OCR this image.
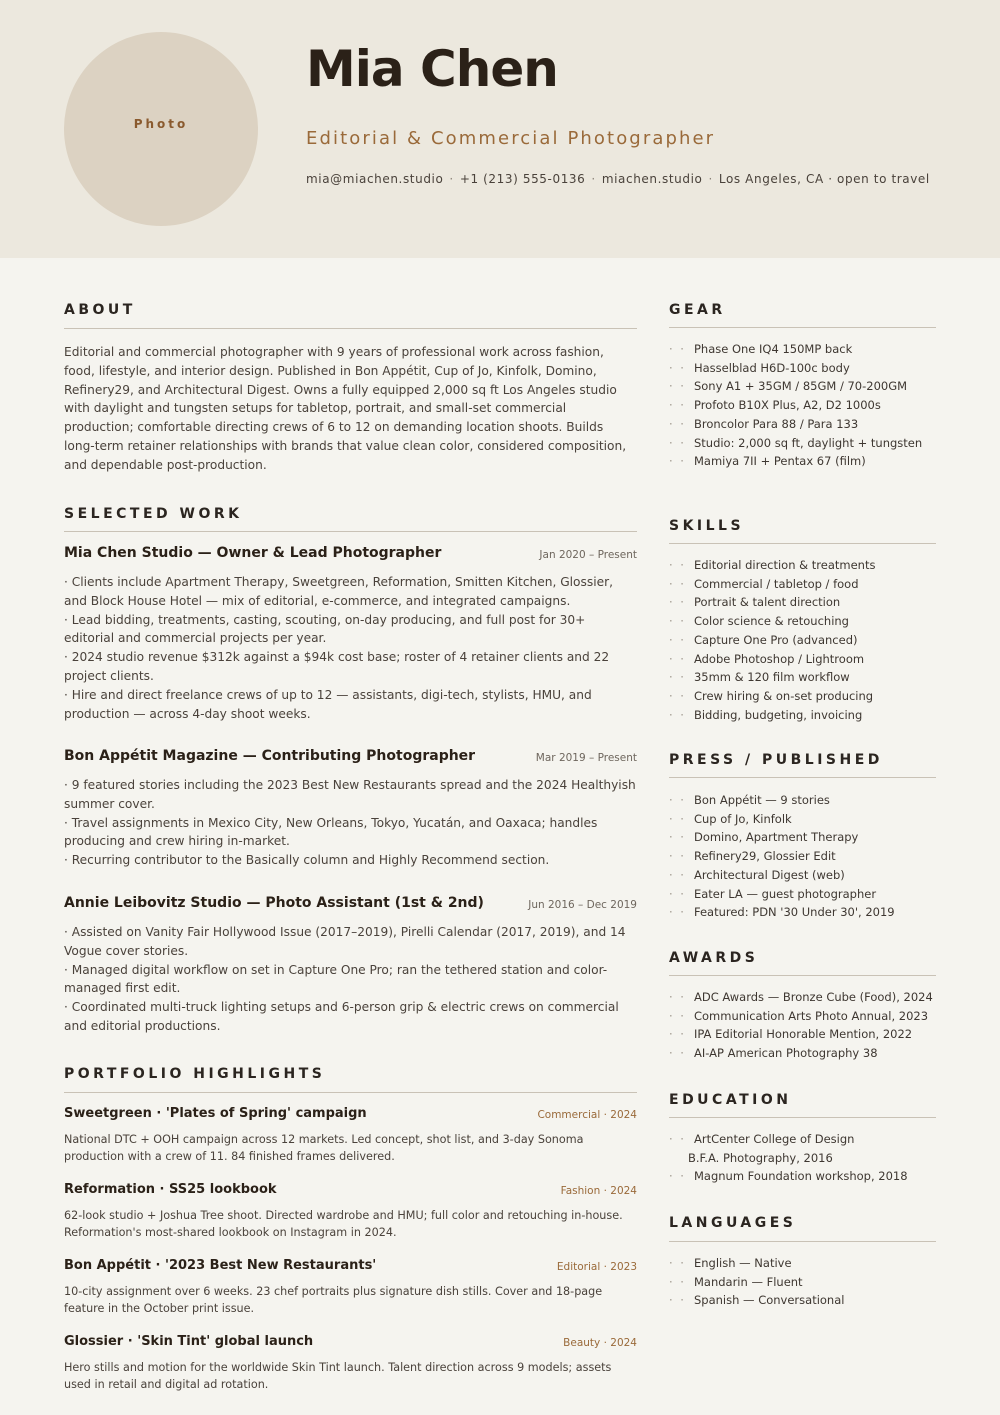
Photo
Mia Chen
Editorial & Commercial Photographer
mia@miachen.studio · +1 (213) 555-0136 · miachen.studio · Los Angeles, CA · open to travel
ABOUT
Editorial and commercial photographer with 9 years of professional work across fashion, food, lifestyle, and interior design. Published in Bon Appétit, Cup of Jo, Kinfolk, Domino, Refinery29, and Architectural Digest. Owns a fully equipped 2,000 sq ft Los Angeles studio with daylight and tungsten setups for tabletop, portrait, and small-set commercial production; comfortable directing crews of 6 to 12 on demanding location shoots. Builds long-term retainer relationships with brands that value clean color, considered composition, and dependable post-production.
SELECTED WORK
Mia Chen Studio — Owner & Lead Photographer	Jan 2020 – Present
· Clients include Apartment Therapy, Sweetgreen, Reformation, Smitten Kitchen, Glossier, and Block House Hotel — mix of editorial, e-commerce, and integrated campaigns.
· Lead bidding, treatments, casting, scouting, on-day producing, and full post for 30+ editorial and commercial projects per year.
· 2024 studio revenue $312k against a $94k cost base; roster of 4 retainer clients and 22 project clients.
· Hire and direct freelance crews of up to 12 — assistants, digi-tech, stylists, HMU, and production — across 4-day shoot weeks.
Bon Appétit Magazine — Contributing Photographer	Mar 2019 – Present
· 9 featured stories including the 2023 Best New Restaurants spread and the 2024 Healthyish summer cover.
· Travel assignments in Mexico City, New Orleans, Tokyo, Yucatán, and Oaxaca; handles producing and crew hiring in-market.
· Recurring contributor to the Basically column and Highly Recommend section.
Annie Leibovitz Studio — Photo Assistant (1st & 2nd)	Jun 2016 – Dec 2019
· Assisted on Vanity Fair Hollywood Issue (2017–2019), Pirelli Calendar (2017, 2019), and 14 Vogue cover stories.
· Managed digital workflow on set in Capture One Pro; ran the tethered station and color-managed first edit.
· Coordinated multi-truck lighting setups and 6-person grip & electric crews on commercial and editorial productions.
PORTFOLIO HIGHLIGHTS
Sweetgreen · 'Plates of Spring' campaign	Commercial · 2024
National DTC + OOH campaign across 12 markets. Led concept, shot list, and 3-day Sonoma production with a crew of 11. 84 finished frames delivered.
Reformation · SS25 lookbook	Fashion · 2024
62-look studio + Joshua Tree shoot. Directed wardrobe and HMU; full color and retouching in-house. Reformation's most-shared lookbook on Instagram in 2024.
Bon Appétit · '2023 Best New Restaurants'	Editorial · 2023
10-city assignment over 6 weeks. 23 chef portraits plus signature dish stills. Cover and 18-page feature in the October print issue.
Glossier · 'Skin Tint' global launch	Beauty · 2024
Hero stills and motion for the worldwide Skin Tint launch. Talent direction across 9 models; assets used in retail and digital ad rotation.
GEAR
· · Phase One IQ4 150MP back
· · Hasselblad H6D-100c body
· · Sony A1 + 35GM / 85GM / 70-200GM
· · Profoto B10X Plus, A2, D2 1000s
· · Broncolor Para 88 / Para 133
· · Studio: 2,000 sq ft, daylight + tungsten
· · Mamiya 7II + Pentax 67 (film)
SKILLS
· · Editorial direction & treatments
· · Commercial / tabletop / food
· · Portrait & talent direction
· · Color science & retouching
· · Capture One Pro (advanced)
· · Adobe Photoshop / Lightroom
· · 35mm & 120 film workflow
· · Crew hiring & on-set producing
· · Bidding, budgeting, invoicing
PRESS / PUBLISHED
· · Bon Appétit — 9 stories
· · Cup of Jo, Kinfolk
· · Domino, Apartment Therapy
· · Refinery29, Glossier Edit
· · Architectural Digest (web)
· · Eater LA — guest photographer
· · Featured: PDN '30 Under 30', 2019
AWARDS
· · ADC Awards — Bronze Cube (Food), 2024
· · Communication Arts Photo Annual, 2023
· · IPA Editorial Honorable Mention, 2022
· · AI-AP American Photography 38
EDUCATION
· · ArtCenter College of Design
B.F.A. Photography, 2016
· · Magnum Foundation workshop, 2018
LANGUAGES
· · English — Native
· · Mandarin — Fluent
· · Spanish — Conversational
